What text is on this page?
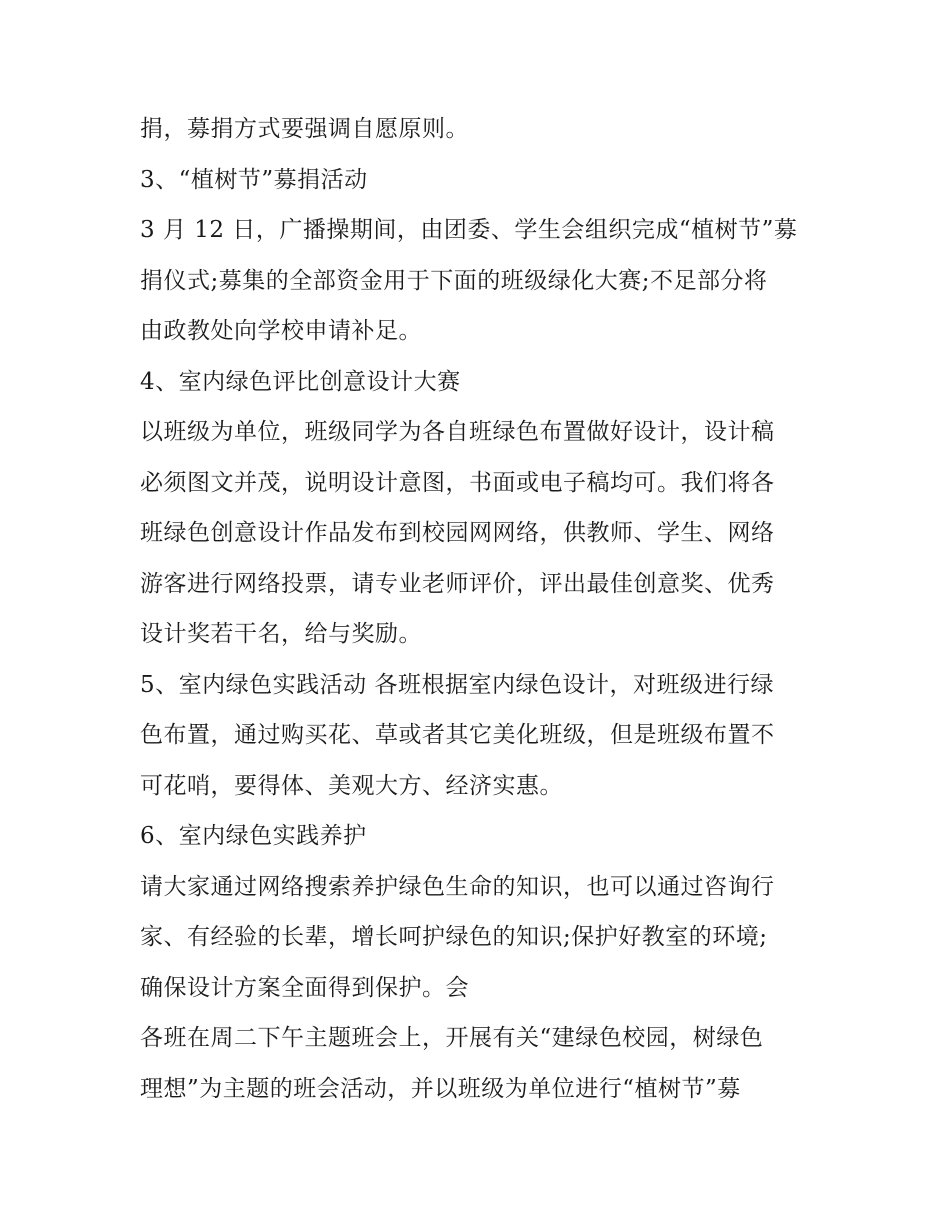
捐，募捐方式要强调自愿原则。

3、“植树节”募捐活动

3 月 12 日，广播操期间，由团委、学生会组织完成“植树节”募

捐仪式;募集的全部资金用于下面的班级绿化大赛;不足部分将

由政教处向学校申请补足。

4、室内绿色评比创意设计大赛

以班级为单位，班级同学为各自班绿色布置做好设计，设计稿

必须图文并茂，说明设计意图，书面或电子稿均可。我们将各

班绿色创意设计作品发布到校园网网络，供教师、学生、网络

游客进行网络投票，请专业老师评价，评出最佳创意奖、优秀

设计奖若干名，给与奖励。

5、室内绿色实践活动 各班根据室内绿色设计，对班级进行绿

色布置，通过购买花、草或者其它美化班级，但是班级布置不

可花哨，要得体、美观大方、经济实惠。

6、室内绿色实践养护

请大家通过网络搜索养护绿色生命的知识，也可以通过咨询行

家、有经验的长辈，增长呵护绿色的知识;保护好教室的环境;

确保设计方案全面得到保护。会

各班在周二下午主题班会上，开展有关“建绿色校园，树绿色

理想”为主题的班会活动，并以班级为单位进行“植树节”募
